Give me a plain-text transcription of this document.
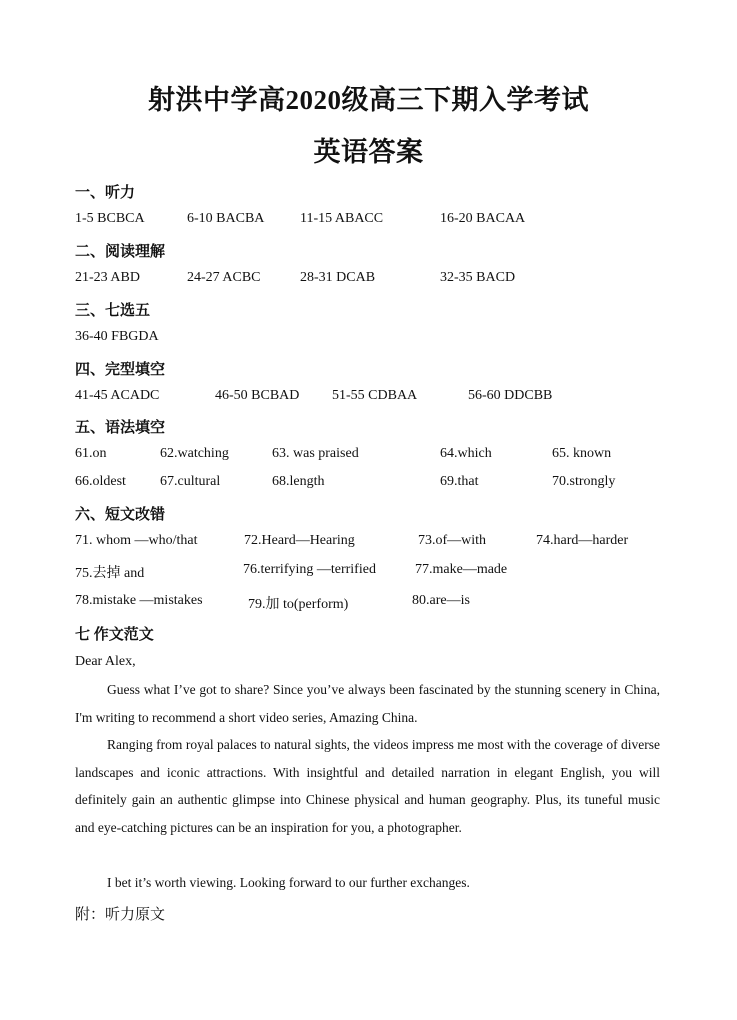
射洪中学高2020级高三下期入学考试
英语答案
一、听力
1-5 BCBCA	6-10 BACBA	11-15 ABACC	16-20 BACAA
二、阅读理解
21-23 ABD	24-27 ACBC	28-31 DCAB	32-35 BACD
三、七选五
36-40 FBGDA
四、完型填空
41-45 ACADC	46-50 BCBAD 51-55 CDBAA	56-60 DDCBB
五、语法填空
61.on	62.watching	63. was praised	64.which	65. known
66.oldest 67.cultural	68.length	69.that	70.strongly
六、短文改错
71. whom —who/that	72.Heard—Hearing	73.of—with	74.hard—harder
75.去掉 and	76.terrifying —terrified	77.make—made
78.mistake —mistakes	79.加 to(perform)	80.are—is
七 作文范文
Dear Alex,
Guess what I’ve got to share? Since you’ve always been fascinated by the stunning scenery in China, I'm writing to recommend a short video series, Amazing China.
Ranging from royal palaces to natural sights, the videos impress me most with the coverage of diverse landscapes and iconic attractions. With insightful and detailed narration in elegant English, you will definitely gain an authentic glimpse into Chinese physical and human geography. Plus, its tuneful music and eye-catching pictures can be an inspiration for you, a photographer.
I bet it’s worth viewing. Looking forward to our further exchanges.
附：听力原文
